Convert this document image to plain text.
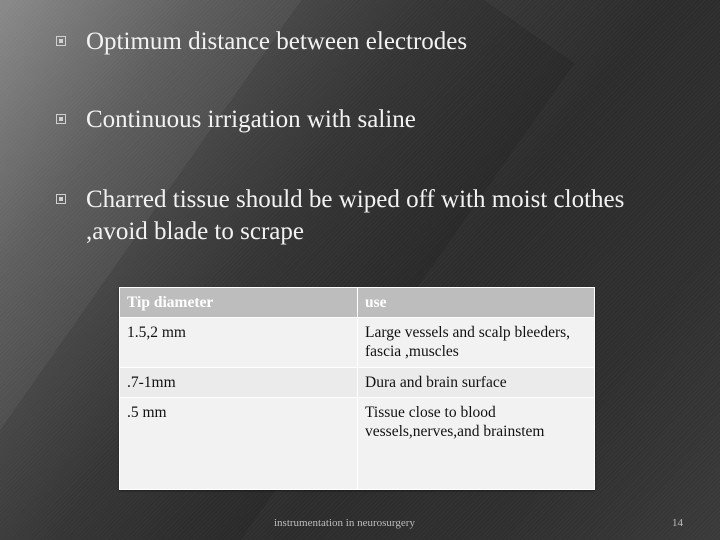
Optimum distance between electrodes
Continuous irrigation with saline
Charred tissue should be wiped off with moist clothes ,avoid blade to scrape
Tip diameter	use
1.5,2 mm	Large vessels and scalp bleeders, fascia ,muscles
.7-1mm	Dura and brain surface
.5 mm	Tissue close to blood vessels,nerves,and brainstem
instrumentation in neurosurgery	14
